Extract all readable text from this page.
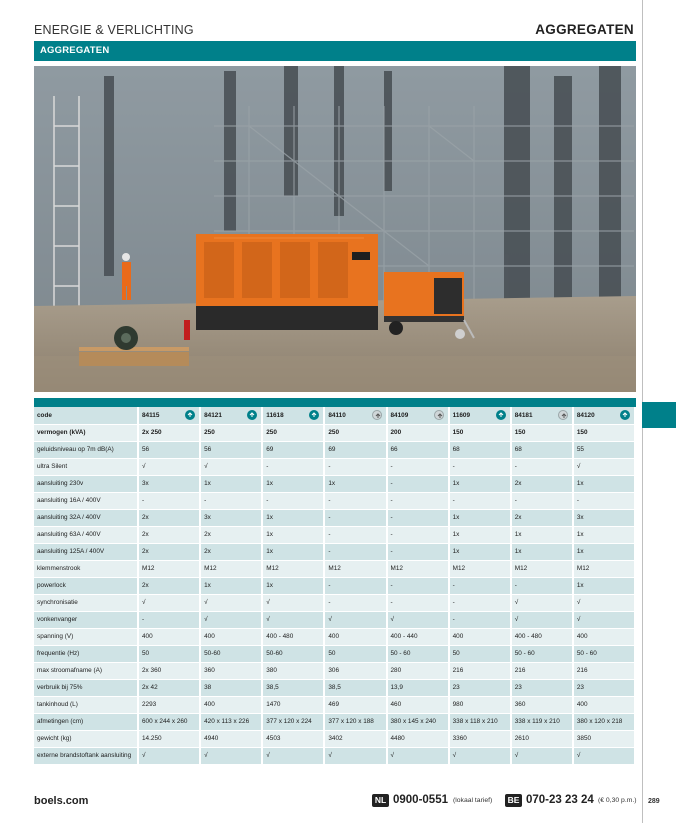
ENERGIE & VERLICHTING	AGGREGATEN
AGGREGATEN
code	84115	84121	11618	84110	84109	11609	84181	84120

vermogen (kVA)	2x 250	250	250	250	200	150	150	150
geluidsniveau op 7m dB(A)	56	56	69	69	66	68	68	55
ultra Silent	√	√	-	-	-	-	-	√
aansluiting 230v	3x	1x	1x	1x	-	1x	2x	1x
aansluiting 16A / 400V	-	-	-	-	-	-	-	-
aansluiting 32A / 400V	2x	3x	1x	-	-	1x	2x	3x
aansluiting 63A / 400V	2x	2x	1x	-	-	1x	1x	1x
aansluiting 125A / 400V	2x	2x	1x	-	-	1x	1x	1x
klemmenstrook	M12	M12	M12	M12	M12	M12	M12	M12
powerlock	2x	1x	1x	-	-	-	-	1x
synchronisatie	√	√	√	-	-	-	√	√
vonkenvanger	-	√	√	√	√	-	√	√
spanning (V)	400	400	400 - 480	400	400 - 440	400	400 - 480	400
frequentie (Hz)	50	50-60	50-60	50	50 - 60	50	50 - 60	50 - 60
max stroomafname (A)	2x 360	360	380	306	280	216	216	216
verbruik bij 75%	2x 42	38	38,5	38,5	13,9	23	23	23
tankinhoud (L)	2293	400	1470	469	460	980	360	400
afmetingen (cm)	600 x 244 x 260	420 x 113 x 226	377 x 120 x 224	377 x 120 x 188	380 x 145 x 240	338 x 118 x 210	338 x 119 x 210	380 x 120 x 218
gewicht (kg)	14.250	4940	4503	3402	4480	3360	2610	3850
externe brandstoftank aansluiting	√	√	√	√	√	√	√	√
boels.com	NL 0900-0551 (lokaal tarief)	BE 070-23 23 24 (€ 0,30 p.m.) 289
